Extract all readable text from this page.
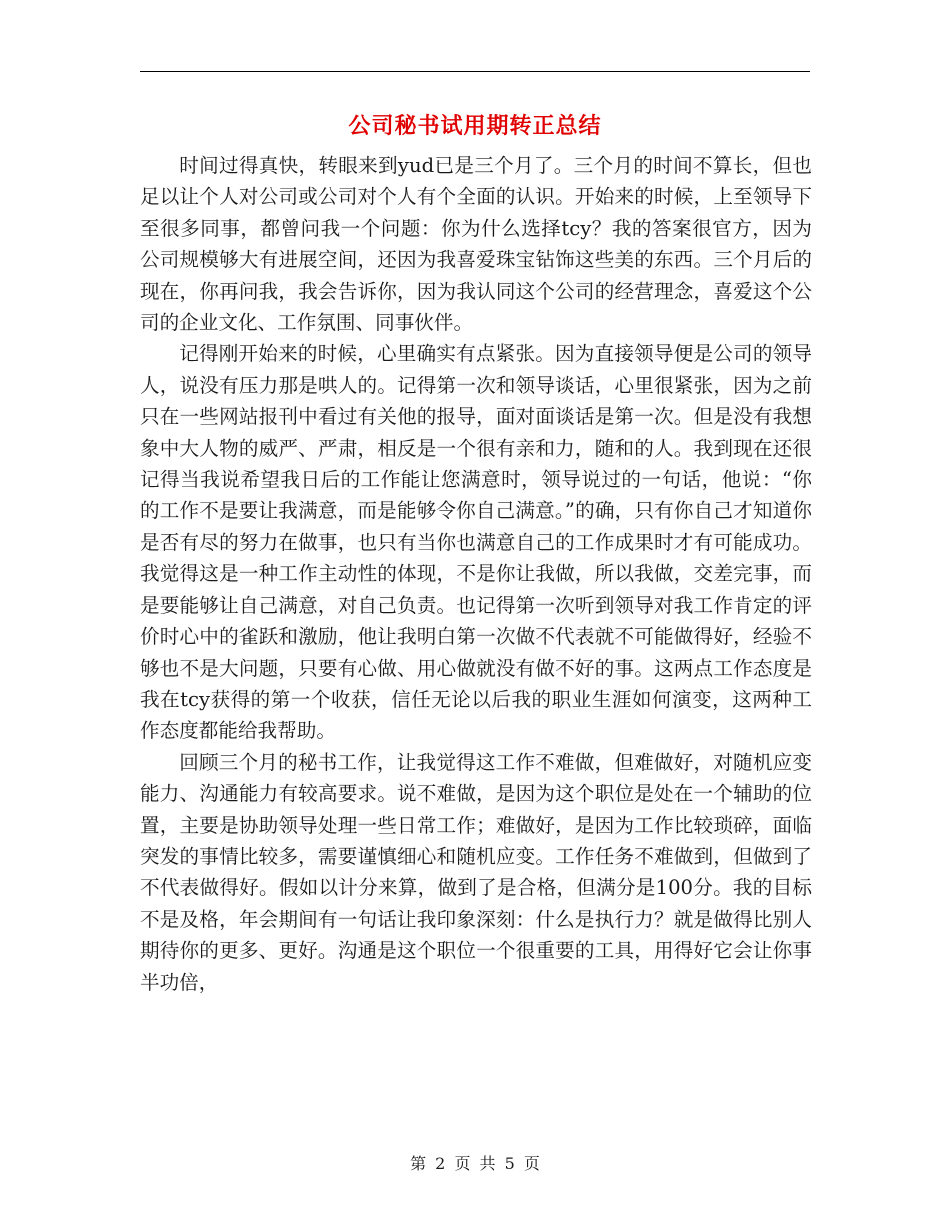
公司秘书试用期转正总结

时间过得真快，转眼来到yud已是三个月了。三个月的时间不算长，但也足以让个人对公司或公司对个人有个全面的认识。开始来的时候，上至领导下至很多同事，都曾问我一个问题：你为什么选择tcy？我的答案很官方，因为公司规模够大有进展空间，还因为我喜爱珠宝钻饰这些美的东西。三个月后的现在，你再问我，我会告诉你，因为我认同这个公司的经营理念，喜爱这个公司的企业文化、工作氛围、同事伙伴。

记得刚开始来的时候，心里确实有点紧张。因为直接领导便是公司的领导人，说没有压力那是哄人的。记得第一次和领导谈话，心里很紧张，因为之前只在一些网站报刊中看过有关他的报导，面对面谈话是第一次。但是没有我想象中大人物的威严、严肃，相反是一个很有亲和力，随和的人。我到现在还很记得当我说希望我日后的工作能让您满意时，领导说过的一句话，他说：“你的工作不是要让我满意，而是能够令你自己满意。”的确，只有你自己才知道你是否有尽的努力在做事，也只有当你也满意自己的工作成果时才有可能成功。我觉得这是一种工作主动性的体现，不是你让我做，所以我做，交差完事，而是要能够让自己满意，对自己负责。也记得第一次听到领导对我工作肯定的评价时心中的雀跃和激励，他让我明白第一次做不代表就不可能做得好，经验不够也不是大问题，只要有心做、用心做就没有做不好的事。这两点工作态度是我在tcy获得的第一个收获，信任无论以后我的职业生涯如何演变，这两种工作态度都能给我帮助。

回顾三个月的秘书工作，让我觉得这工作不难做，但难做好，对随机应变能力、沟通能力有较高要求。说不难做，是因为这个职位是处在一个辅助的位置，主要是协助领导处理一些日常工作；难做好，是因为工作比较琐碎，面临突发的事情比较多，需要谨慎细心和随机应变。工作任务不难做到，但做到了不代表做得好。假如以计分来算，做到了是合格，但满分是100分。我的目标不是及格，年会期间有一句话让我印象深刻：什么是执行力？就是做得比别人期待你的更多、更好。沟通是这个职位一个很重要的工具，用得好它会让你事半功倍，

第 2 页 共 5 页
